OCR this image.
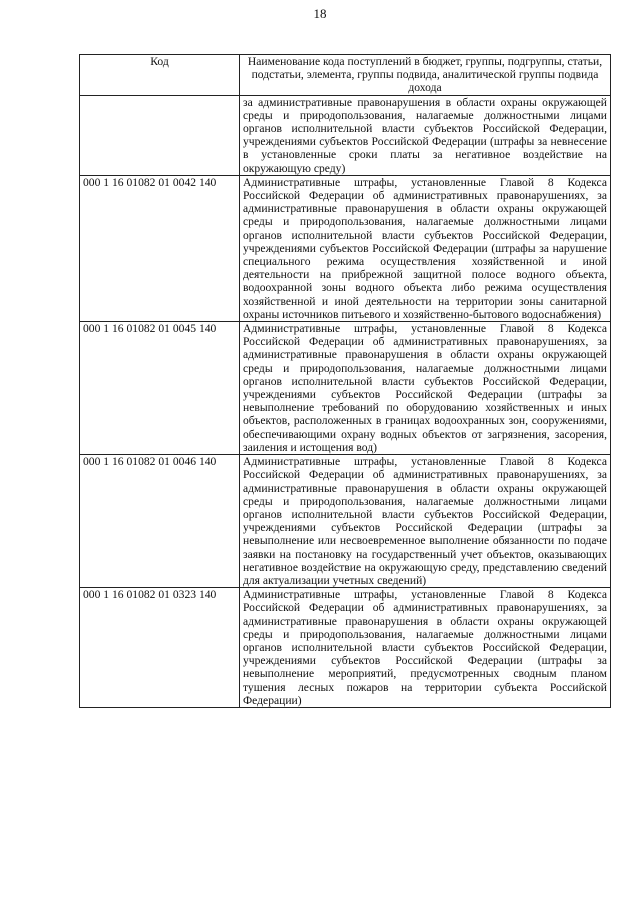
18
Код	Наименование кода поступлений в бюджет, группы, подгруппы, статьи, подстатьи, элемента, группы подвида, аналитической группы подвида дохода
	за административные правонарушения в области охраны окружающей среды и природопользования, налагаемые должностными лицами органов исполнительной власти субъектов Российской Федерации, учреждениями субъектов Российской Федерации (штрафы за невнесение в установленные сроки платы за негативное воздействие на окружающую среду)
000 1 16 01082 01 0042 140	Административные штрафы, установленные Главой 8 Кодекса Российской Федерации об административных правонарушениях, за административные правонарушения в области охраны окружающей среды и природопользования, налагаемые должностными лицами органов исполнительной власти субъектов Российской Федерации, учреждениями субъектов Российской Федерации (штрафы за нарушение специального режима осуществления хозяйственной и иной деятельности на прибрежной защитной полосе водного объекта, водоохранной зоны водного объекта либо режима осуществления хозяйственной и иной деятельности на территории зоны санитарной охраны источников питьевого и хозяйственно-бытового водоснабжения)
000 1 16 01082 01 0045 140	Административные штрафы, установленные Главой 8 Кодекса Российской Федерации об административных правонарушениях, за административные правонарушения в области охраны окружающей среды и природопользования, налагаемые должностными лицами органов исполнительной власти субъектов Российской Федерации, учреждениями субъектов Российской Федерации (штрафы за невыполнение требований по оборудованию хозяйственных и иных объектов, расположенных в границах водоохранных зон, сооружениями, обеспечивающими охрану водных объектов от загрязнения, засорения, заиления и истощения вод)
000 1 16 01082 01 0046 140	Административные штрафы, установленные Главой 8 Кодекса Российской Федерации об административных правонарушениях, за административные правонарушения в области охраны окружающей среды и природопользования, налагаемые должностными лицами органов исполнительной власти субъектов Российской Федерации, учреждениями субъектов Российской Федерации (штрафы за невыполнение или несвоевременное выполнение обязанности по подаче заявки на постановку на государственный учет объектов, оказывающих негативное воздействие на окружающую среду, представлению сведений для актуализации учетных сведений)
000 1 16 01082 01 0323 140	Административные штрафы, установленные Главой 8 Кодекса Российской Федерации об административных правонарушениях, за административные правонарушения в области охраны окружающей среды и природопользования, налагаемые должностными лицами органов исполнительной власти субъектов Российской Федерации, учреждениями субъектов Российской Федерации (штрафы за невыполнение мероприятий, предусмотренных сводным планом тушения лесных пожаров на территории субъекта Российской Федерации)
